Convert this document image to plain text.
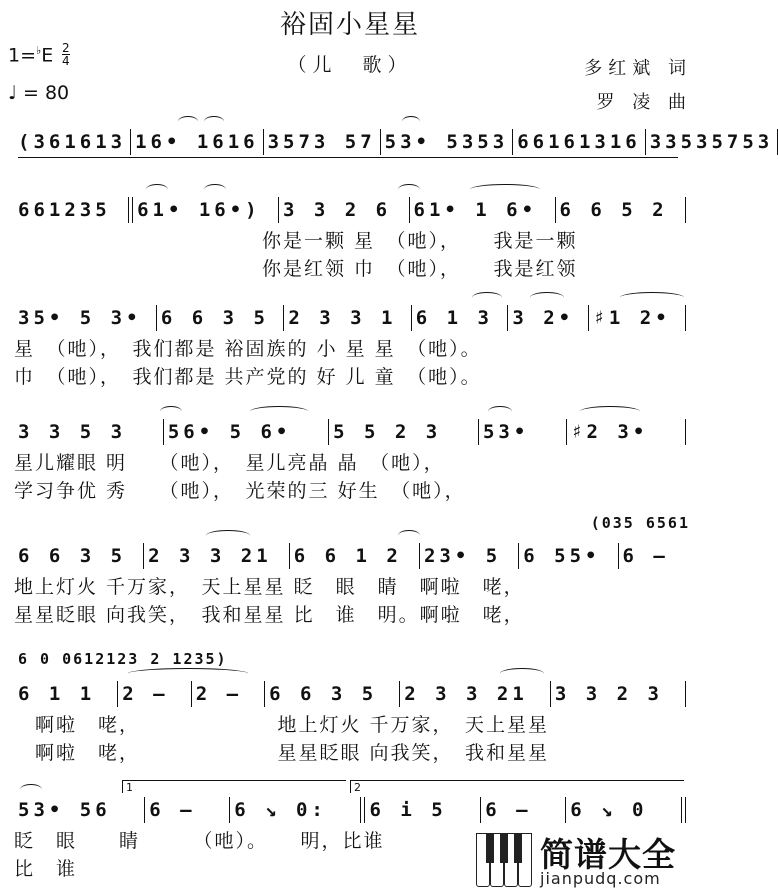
裕固小星星
（儿　歌）
1=♭E 2
4
♩ = 80
多红斌 词
罗 凌 曲
(361613 16• 1616 3573 57 53• 5353 66161316 33535753
661235	61• 16•)	3 3 2 6	61• 1 6•	6 6 5 2
你是一颗 星　（吔），　　我是一颗
你是红领 巾　（吔），　　我是红领
35• 5 3•	6 6 3 5	2 3 3 1	6 1 3	3 2•	♯1 2•
星　（吔），　我们都是 裕固族的 小 星 星　（吔）。
巾　（吔），　我们都是 共产党的 好 儿 童　（吔）。
3 3 5 3	56• 5 6•	5 5 2 3	53•	♯2 3•
星儿耀眼 明　　（吔），　星儿亮晶 晶　（吔），
学习争优 秀　　（吔），　光荣的三 好生　（吔），
(035 6561
6 6 3 5	2 3 3 21	6 6 1 2	23• 5	6 55•	6 —
地上灯火 千万家，　天上星星 眨　眼　睛　啊啦　咾，
星星眨眼 向我笑，　我和星星 比　谁　明。啊啦　咾，
6 0 0612123 2 1235)
6 1 1	2 —	2 —	6 6 3 5	2 3 3 21	3 3 2 3
　啊啦　咾，　　　　　　　地上灯火 千万家，　天上星星
　啊啦　咾，　　　　　　　星星眨眼 向我笑，　我和星星
53• 56	6 —	6 ↘ 0:	6 i 5	6 —	6 ↘ 0
1	2
眨　眼　　睛　　　（吔）。　　明，比谁
比　谁	简谱大全
jianpudq.com
